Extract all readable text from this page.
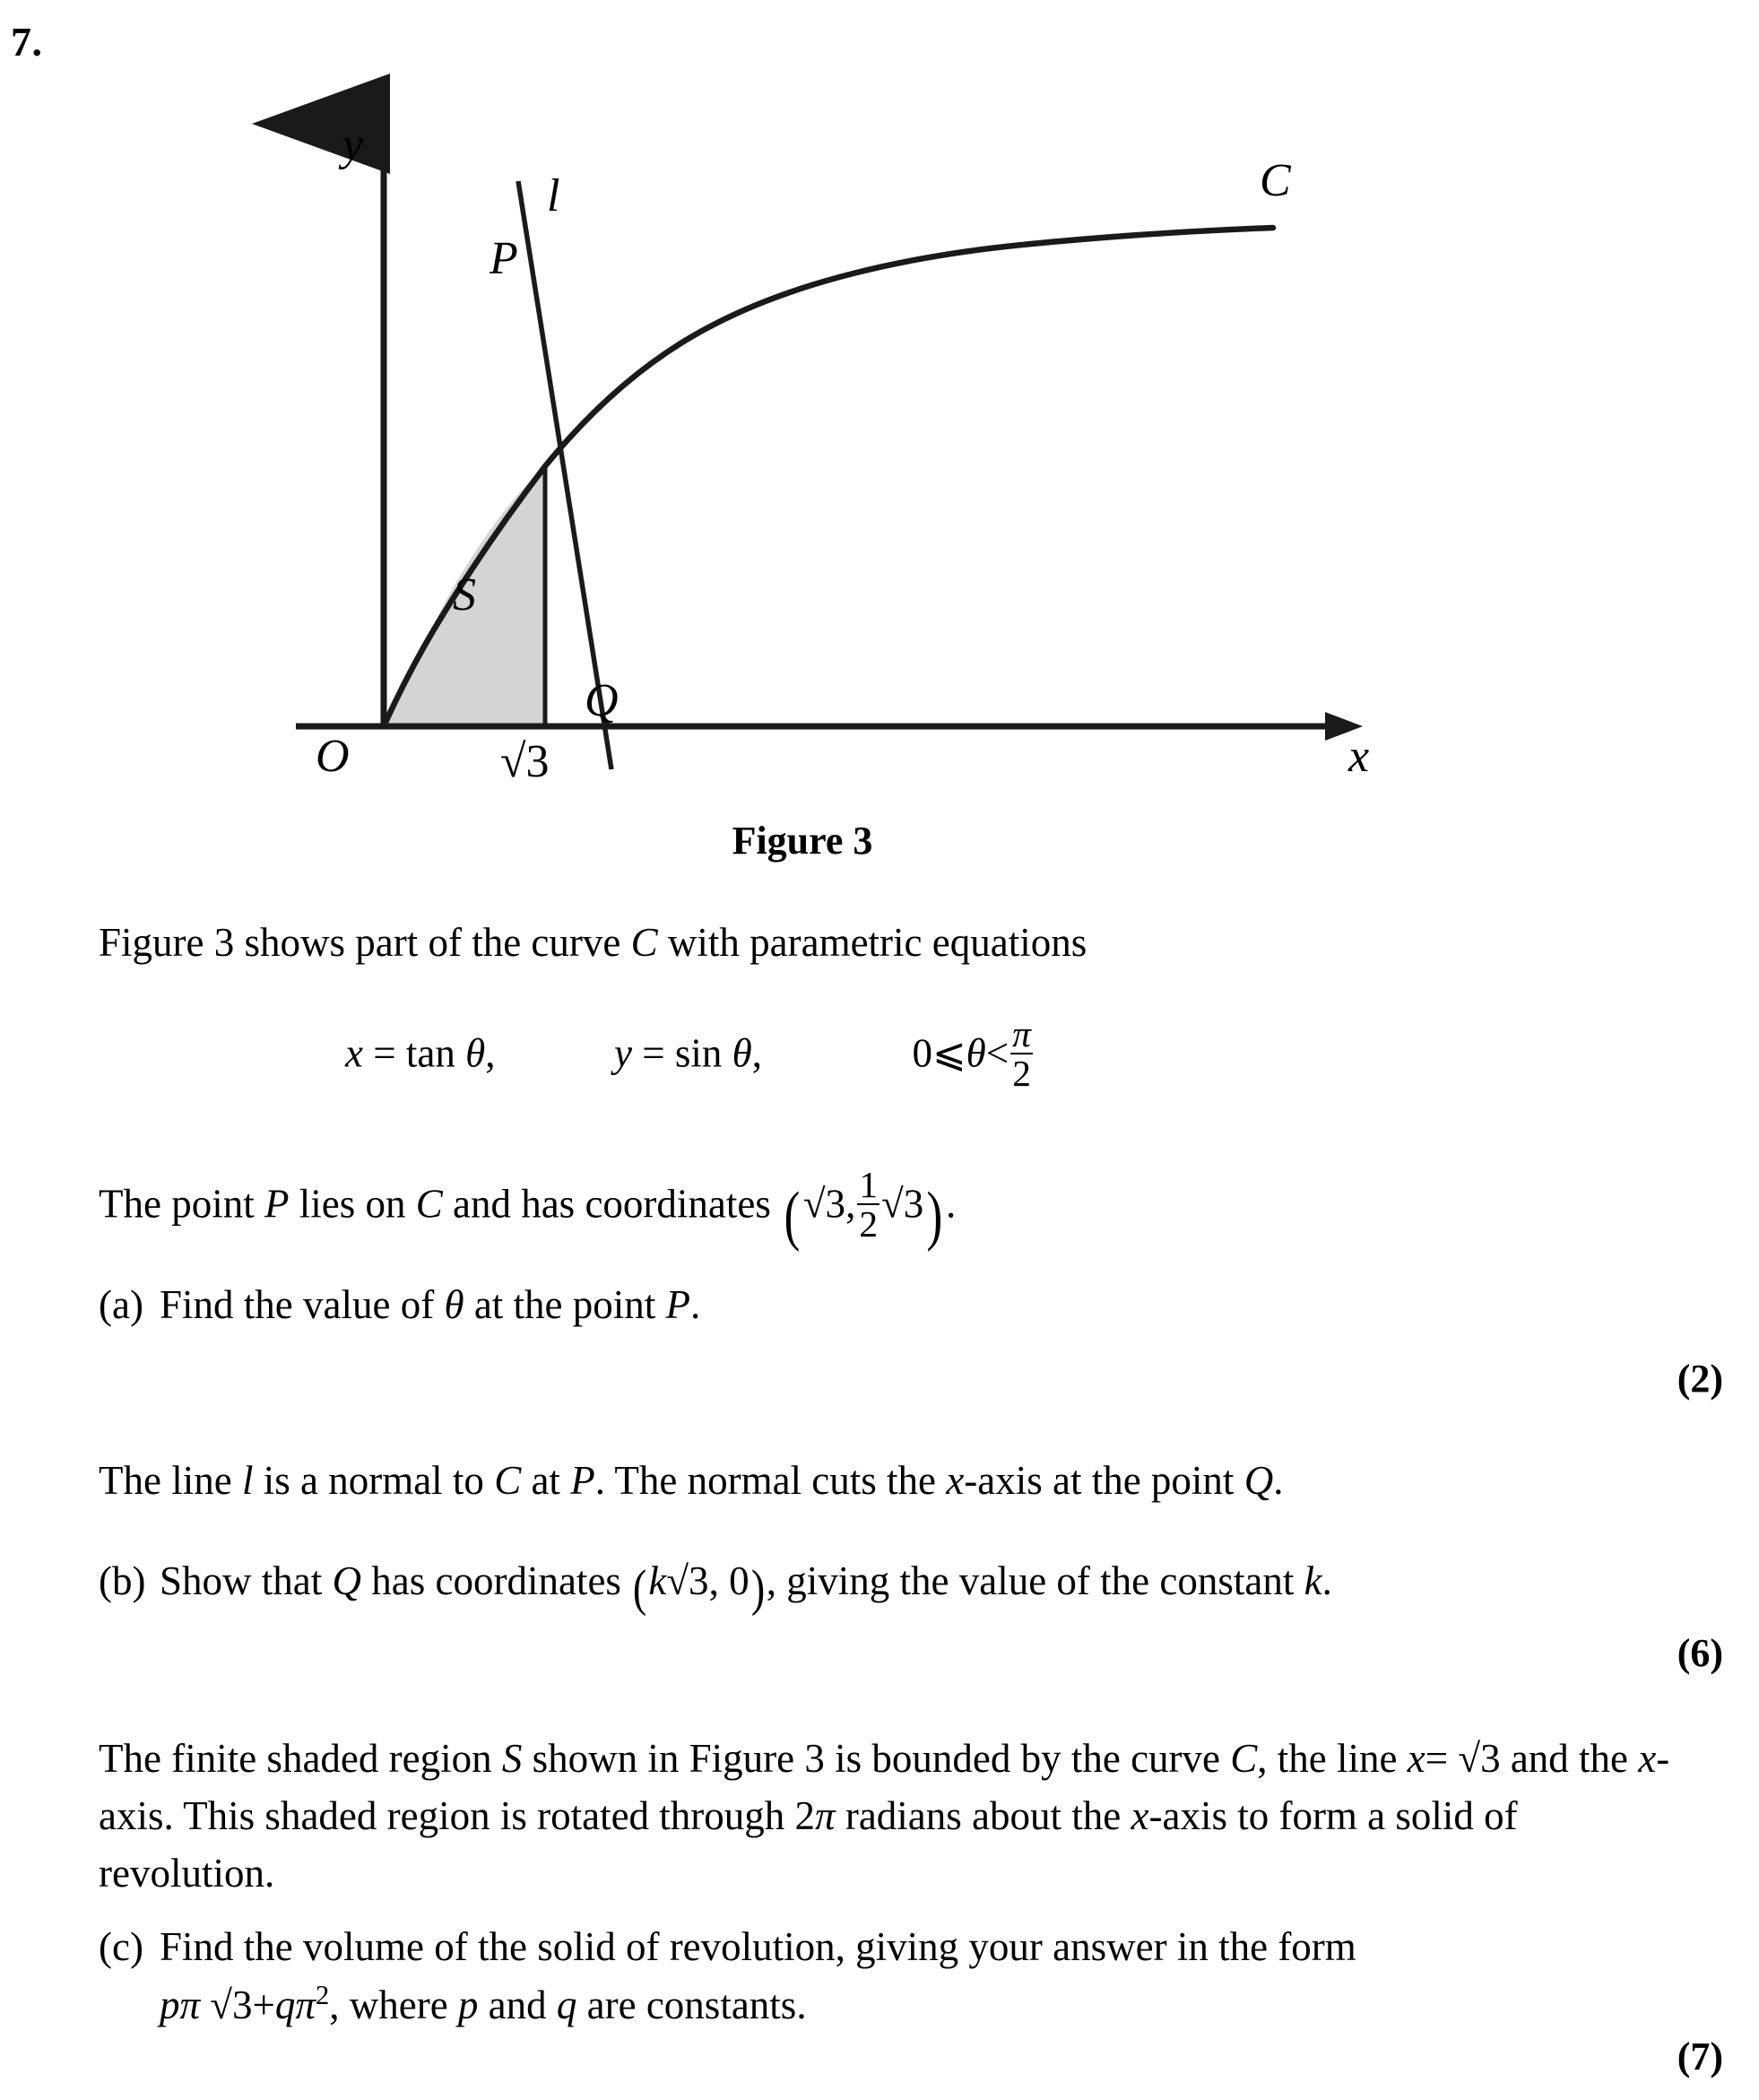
7.
y
l
P
S
C
Q
O	√3	x
Figure 3
Figure 3 shows part of the curve C with parametric equations
x = tan θ,	y = sin θ,	0⩽θ< $\frac{\pi}{2}$
The point P lies on C and has coordinates (√3, $\frac{1}{2} √3$).
(a) Find the value of θ at the point P.
(2)
The line l is a normal to C at P. The normal cuts the x-axis at the point Q.
(b) Show that Q has coordinates (k√3, 0), giving the value of the constant k.
(6)
The finite shaded region S shown in Figure 3 is bounded by the curve C, the line x= √3 and the x-axis. This shaded region is rotated through 2π radians about the x-axis to form a solid of revolution.
(c) Find the volume of the solid of revolution, giving your answer in the form
pπ $√3+q\pi^2$, where p and q are constants.
(7)
